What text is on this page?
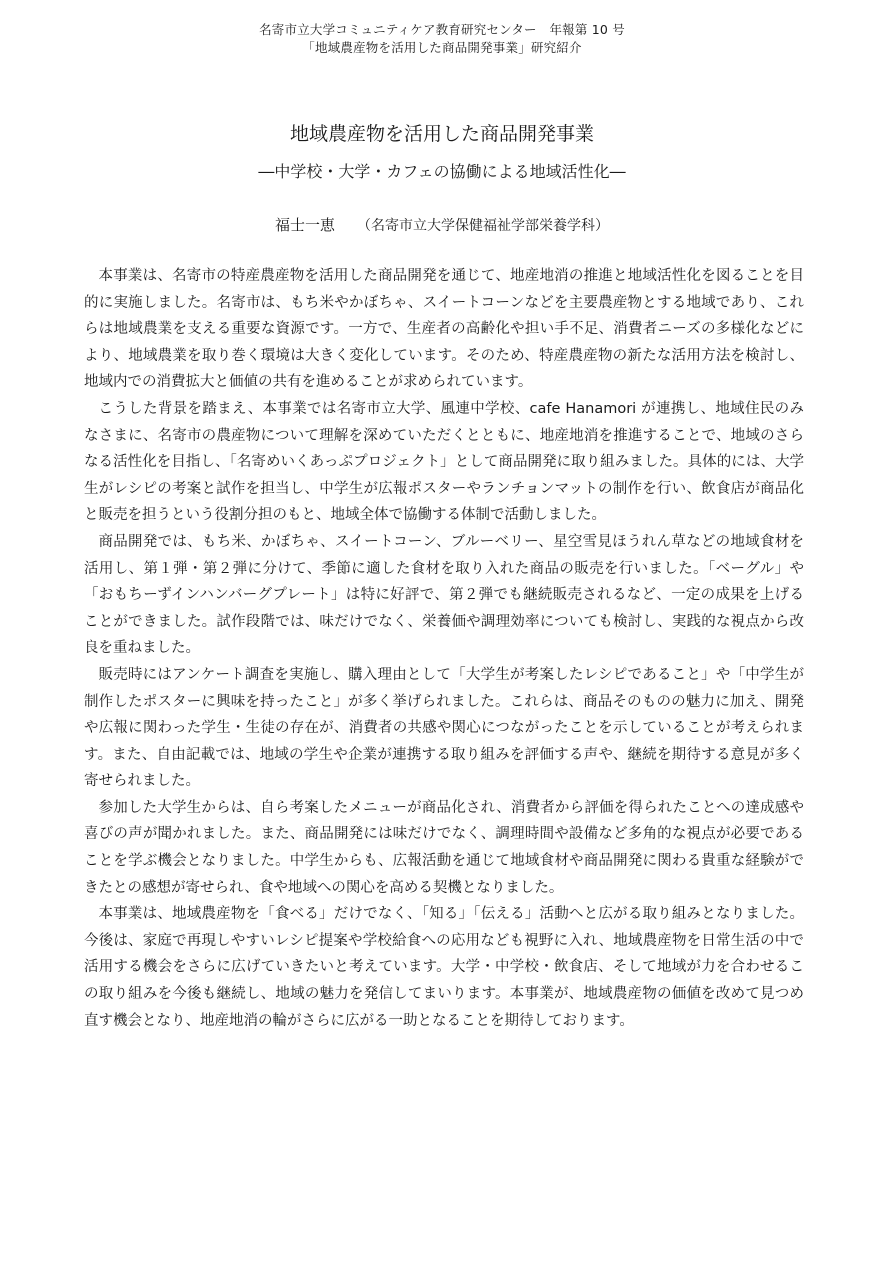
名寄市立大学コミュニティケア教育研究センター　年報第 10 号
「地域農産物を活用した商品開発事業」研究紹介
地域農産物を活用した商品開発事業
―中学校・大学・カフェの協働による地域活性化―
福士一恵 （名寄市立大学保健福祉学部栄養学科）

本事業は、名寄市の特産農産物を活用した商品開発を通じて、地産地消の推進と地域活性化を図ることを目的に実施しました。名寄市は、もち米やかぼちゃ、スイートコーンなどを主要農産物とする地域であり、これらは地域農業を支える重要な資源です。一方で、生産者の高齢化や担い手不足、消費者ニーズの多様化などにより、地域農業を取り巻く環境は大きく変化しています。そのため、特産農産物の新たな活用方法を検討し、地域内での消費拡大と価値の共有を進めることが求められています。

こうした背景を踏まえ、本事業では名寄市立大学、風連中学校、cafe Hanamori が連携し、地域住民のみなさまに、名寄市の農産物について理解を深めていただくとともに、地産地消を推進することで、地域のさらなる活性化を目指し、「名寄めいくあっぷプロジェクト」として商品開発に取り組みました。具体的には、大学生がレシピの考案と試作を担当し、中学生が広報ポスターやランチョンマットの制作を行い、飲食店が商品化と販売を担うという役割分担のもと、地域全体で協働する体制で活動しました。

商品開発では、もち米、かぼちゃ、スイートコーン、ブルーベリー、星空雪見ほうれん草などの地域食材を活用し、第１弾・第２弾に分けて、季節に適した食材を取り入れた商品の販売を行いました。「ベーグル」や「おもちーずインハンバーグプレート」は特に好評で、第２弾でも継続販売されるなど、一定の成果を上げることができました。試作段階では、味だけでなく、栄養価や調理効率についても検討し、実践的な視点から改良を重ねました。

販売時にはアンケート調査を実施し、購入理由として「大学生が考案したレシピであること」や「中学生が制作したポスターに興味を持ったこと」が多く挙げられました。これらは、商品そのものの魅力に加え、開発や広報に関わった学生・生徒の存在が、消費者の共感や関心につながったことを示していることが考えられます。また、自由記載では、地域の学生や企業が連携する取り組みを評価する声や、継続を期待する意見が多く寄せられました。

参加した大学生からは、自ら考案したメニューが商品化され、消費者から評価を得られたことへの達成感や喜びの声が聞かれました。また、商品開発には味だけでなく、調理時間や設備など多角的な視点が必要であることを学ぶ機会となりました。中学生からも、広報活動を通じて地域食材や商品開発に関わる貴重な経験ができたとの感想が寄せられ、食や地域への関心を高める契機となりました。

本事業は、地域農産物を「食べる」だけでなく、「知る」「伝える」活動へと広がる取り組みとなりました。今後は、家庭で再現しやすいレシピ提案や学校給食への応用なども視野に入れ、地域農産物を日常生活の中で活用する機会をさらに広げていきたいと考えています。大学・中学校・飲食店、そして地域が力を合わせるこの取り組みを今後も継続し、地域の魅力を発信してまいります。本事業が、地域農産物の価値を改めて見つめ直す機会となり、地産地消の輪がさらに広がる一助となることを期待しております。
